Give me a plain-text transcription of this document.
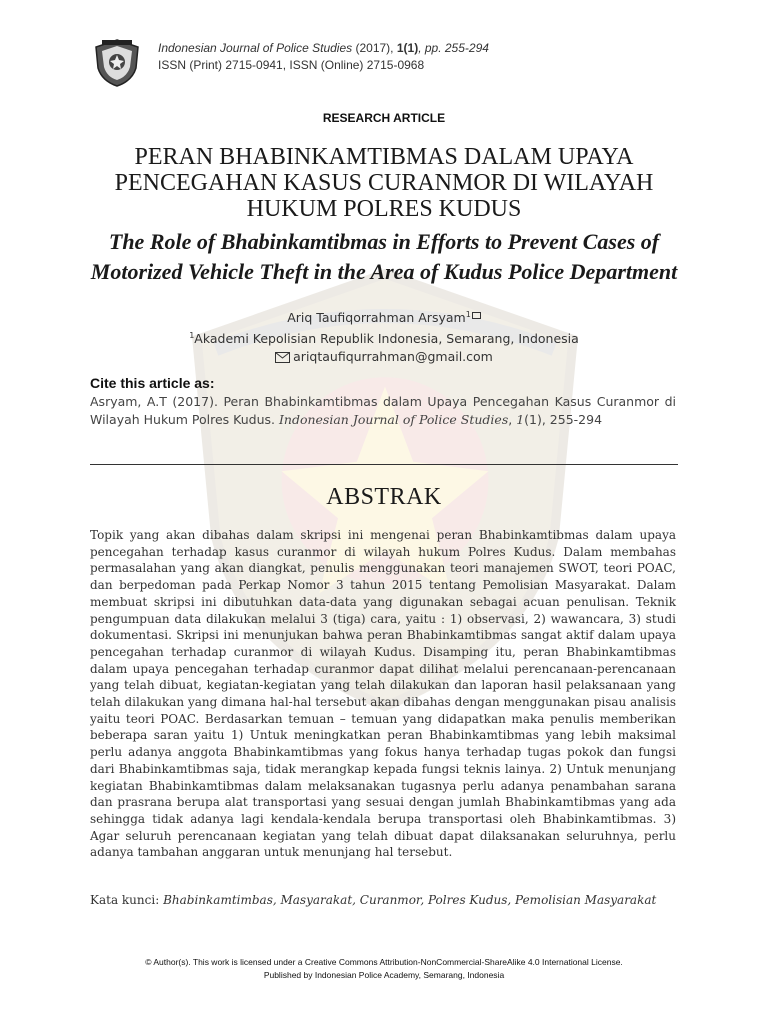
Indonesian Journal of Police Studies (2017), 1(1), pp. 255-294
ISSN (Print) 2715-0941, ISSN (Online) 2715-0968
RESEARCH ARTICLE
PERAN BHABINKAMTIBMAS DALAM UPAYA PENCEGAHAN KASUS CURANMOR DI WILAYAH HUKUM POLRES KUDUS
The Role of Bhabinkamtibmas in Efforts to Prevent Cases of Motorized Vehicle Theft in the Area of Kudus Police Department
Ariq Taufiqorrahman Arsyam$^1$
$^1$Akademi Kepolisian Republik Indonesia, Semarang, Indonesia
ariqtaufiqurrahman@gmail.com
Cite this article as:
Asryam, A.T (2017). Peran Bhabinkamtibmas dalam Upaya Pencegahan Kasus Curanmor di Wilayah Hukum Polres Kudus. Indonesian Journal of Police Studies, 1(1), 255-294
ABSTRAK

Topik yang akan dibahas dalam skripsi ini mengenai peran Bhabinkamtibmas dalam upaya pencegahan terhadap kasus curanmor di wilayah hukum Polres Kudus. Dalam membahas permasalahan yang akan diangkat, penulis menggunakan teori manajemen SWOT, teori POAC, dan berpedoman pada Perkap Nomor 3 tahun 2015 tentang Pemolisian Masyarakat. Dalam membuat skripsi ini dibutuhkan data-data yang digunakan sebagai acuan penulisan. Teknik pengumpuan data dilakukan melalui 3 (tiga) cara, yaitu : 1) observasi, 2) wawancara, 3) studi dokumentasi. Skripsi ini menunjukan bahwa peran Bhabinkamtibmas sangat aktif dalam upaya pencegahan terhadap curanmor di wilayah Kudus. Disamping itu, peran Bhabinkamtibmas dalam upaya pencegahan terhadap curanmor dapat dilihat melalui perencanaan-perencanaan yang telah dibuat, kegiatan-kegiatan yang telah dilakukan dan laporan hasil pelaksanaan yang telah dilakukan yang dimana hal-hal tersebut akan dibahas dengan menggunakan pisau analisis yaitu teori POAC. Berdasarkan temuan – temuan yang didapatkan maka penulis memberikan beberapa saran yaitu 1) Untuk meningkatkan peran Bhabinkamtibmas yang lebih maksimal perlu adanya anggota Bhabinkamtibmas yang fokus hanya terhadap tugas pokok dan fungsi dari Bhabinkamtibmas saja, tidak merangkap kepada fungsi teknis lainya. 2) Untuk menunjang kegiatan Bhabinkamtibmas dalam melaksanakan tugasnya perlu adanya penambahan sarana dan prasrana berupa alat transportasi yang sesuai dengan jumlah Bhabinkamtibmas yang ada sehingga tidak adanya lagi kendala-kendala berupa transportasi oleh Bhabinkamtibmas. 3) Agar seluruh perencanaan kegiatan yang telah dibuat dapat dilaksanakan seluruhnya, perlu adanya tambahan anggaran untuk menunjang hal tersebut.

Kata kunci: Bhabinkamtimbas, Masyarakat, Curanmor, Polres Kudus, Pemolisian Masyarakat
© Author(s). This work is licensed under a Creative Commons Attribution-NonCommercial-ShareAlike 4.0 International License.
Published by Indonesian Police Academy, Semarang, Indonesia
